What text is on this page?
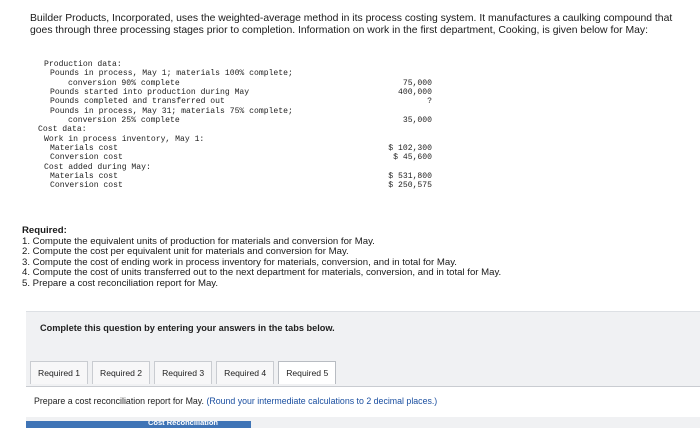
Builder Products, Incorporated, uses the weighted-average method in its process costing system. It manufactures a caulking compound that goes through three processing stages prior to completion. Information on work in the first department, Cooking, is given below for May:
Production data:
Pounds in process, May 1; materials 100% complete;
conversion 90% complete	75,000
Pounds started into production during May	400,000
Pounds completed and transferred out	?
Pounds in process, May 31; materials 75% complete;
conversion 25% complete	35,000
Cost data:
Work in process inventory, May 1:
Materials cost	$ 102,300
Conversion cost	$ 45,600
Cost added during May:
Materials cost	$ 531,800
Conversion cost	$ 250,575
Required:
1. Compute the equivalent units of production for materials and conversion for May.
2. Compute the cost per equivalent unit for materials and conversion for May.
3. Compute the cost of ending work in process inventory for materials, conversion, and in total for May.
4. Compute the cost of units transferred out to the next department for materials, conversion, and in total for May.
5. Prepare a cost reconciliation report for May.
Complete this question by entering your answers in the tabs below.
Required 1	Required 2	Required 3	Required 4	Required 5
Prepare a cost reconciliation report for May. (Round your intermediate calculations to 2 decimal places.)
Cost Reconciliation
